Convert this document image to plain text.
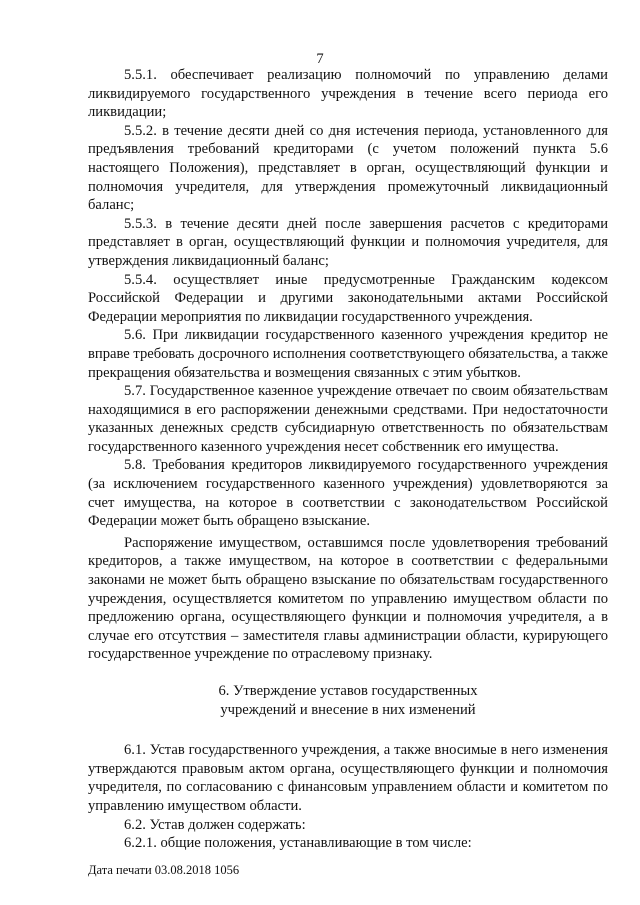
7

5.5.1. обеспечивает реализацию полномочий по управлению делами ликвидируемого государственного учреждения в течение всего периода его ликвидации;

5.5.2. в течение десяти дней со дня истечения периода, установленного для предъявления требований кредиторами (с учетом положений пункта 5.6 настоящего Положения), представляет в орган, осуществляющий функции и полномочия учредителя, для утверждения промежуточный ликвидационный баланс;

5.5.3. в течение десяти дней после завершения расчетов с кредиторами представляет в орган, осуществляющий функции и полномочия учредителя, для утверждения ликвидационный баланс;

5.5.4. осуществляет иные предусмотренные Гражданским кодексом Российской Федерации и другими законодательными актами Российской Федерации мероприятия по ликвидации государственного учреждения.

5.6. При ликвидации государственного казенного учреждения кредитор не вправе требовать досрочного исполнения соответствующего обязательства, а также прекращения обязательства и возмещения связанных с этим убытков.

5.7. Государственное казенное учреждение отвечает по своим обязательствам находящимися в его распоряжении денежными средствами. При недостаточности указанных денежных средств субсидиарную ответственность по обязательствам государственного казенного учреждения несет собственник его имущества.

5.8. Требования кредиторов ликвидируемого государственного учреждения (за исключением государственного казенного учреждения) удовлетворяются за счет имущества, на которое в соответствии с законодательством Российской Федерации может быть обращено взыскание.

Распоряжение имуществом, оставшимся после удовлетворения требований кредиторов, а также имуществом, на которое в соответствии с федеральными законами не может быть обращено взыскание по обязательствам государственного учреждения, осуществляется комитетом по управлению имуществом области по предложению органа, осуществляющего функции и полномочия учредителя, а в случае его отсутствия – заместителя главы администрации области, курирующего государственное учреждение по отраслевому признаку.

6. Утверждение уставов государственных
учреждений и внесение в них изменений

6.1. Устав государственного учреждения, а также вносимые в него изменения утверждаются правовым актом органа, осуществляющего функции и полномочия учредителя, по согласованию с финансовым управлением области и комитетом по управлению имуществом области.

6.2. Устав должен содержать:

6.2.1. общие положения, устанавливающие в том числе:

Дата печати 03.08.2018 1056
